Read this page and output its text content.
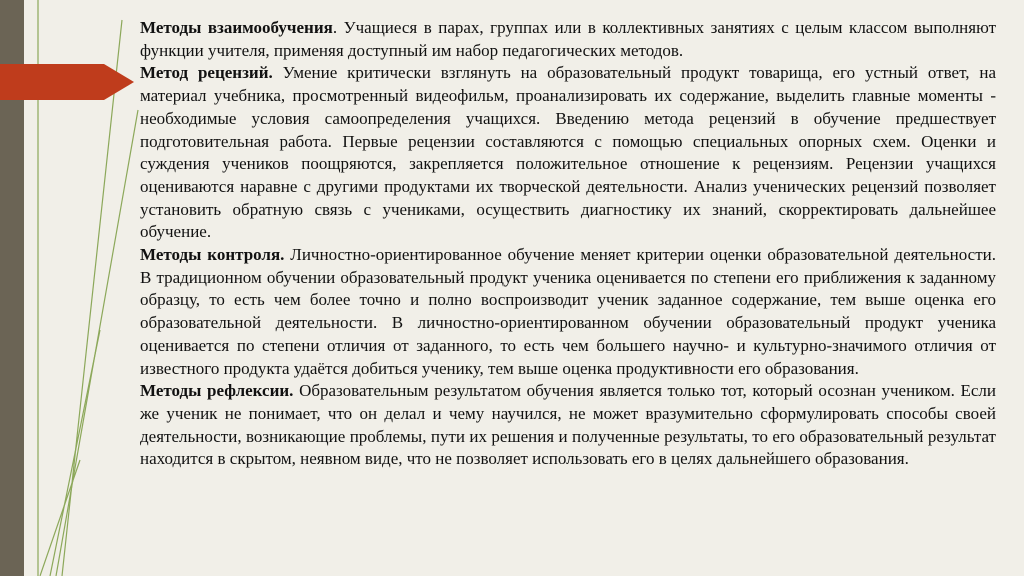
Методы взаимообучения. Учащиеся в парах, группах или в коллективных занятиях с целым классом выполняют функции учителя, применяя доступный им набор педагогических методов.

Метод рецензий. Умение критически взглянуть на образовательный продукт товарища, его устный ответ, на материал учебника, просмотренный видеофильм, проанализировать их содержание, выделить главные моменты - необходимые условия самоопределения учащихся. Введению метода рецензий в обучение предшествует подготовительная работа. Первые рецензии составляются с помощью специальных опорных схем. Оценки и суждения учеников поощряются, закрепляется положительное отношение к рецензиям. Рецензии учащихся оцениваются наравне с другими продуктами их творческой деятельности. Анализ ученических рецензий позволяет установить обратную связь с учениками, осуществить диагностику их знаний, скорректировать дальнейшее обучение.

Методы контроля. Личностно-ориентированное обучение меняет критерии оценки образовательной деятельности. В традиционном обучении образовательный продукт ученика оценивается по степени его приближения к заданному образцу, то есть чем более точно и полно воспроизводит ученик заданное содержание, тем выше оценка его образовательной деятельности. В личностно-ориентированном обучении образовательный продукт ученика оценивается по степени отличия от заданного, то есть чем большего научно- и культурно-значимого отличия от известного продукта удаётся добиться ученику, тем выше оценка продуктивности его образования.

Методы рефлексии. Образовательным результатом обучения является только тот, который осознан учеником. Если же ученик не понимает, что он делал и чему научился, не может вразумительно сформулировать способы своей деятельности, возникающие проблемы, пути их решения и полученные результаты, то его образовательный результат находится в скрытом, неявном виде, что не позволяет использовать его в целях дальнейшего образования.
